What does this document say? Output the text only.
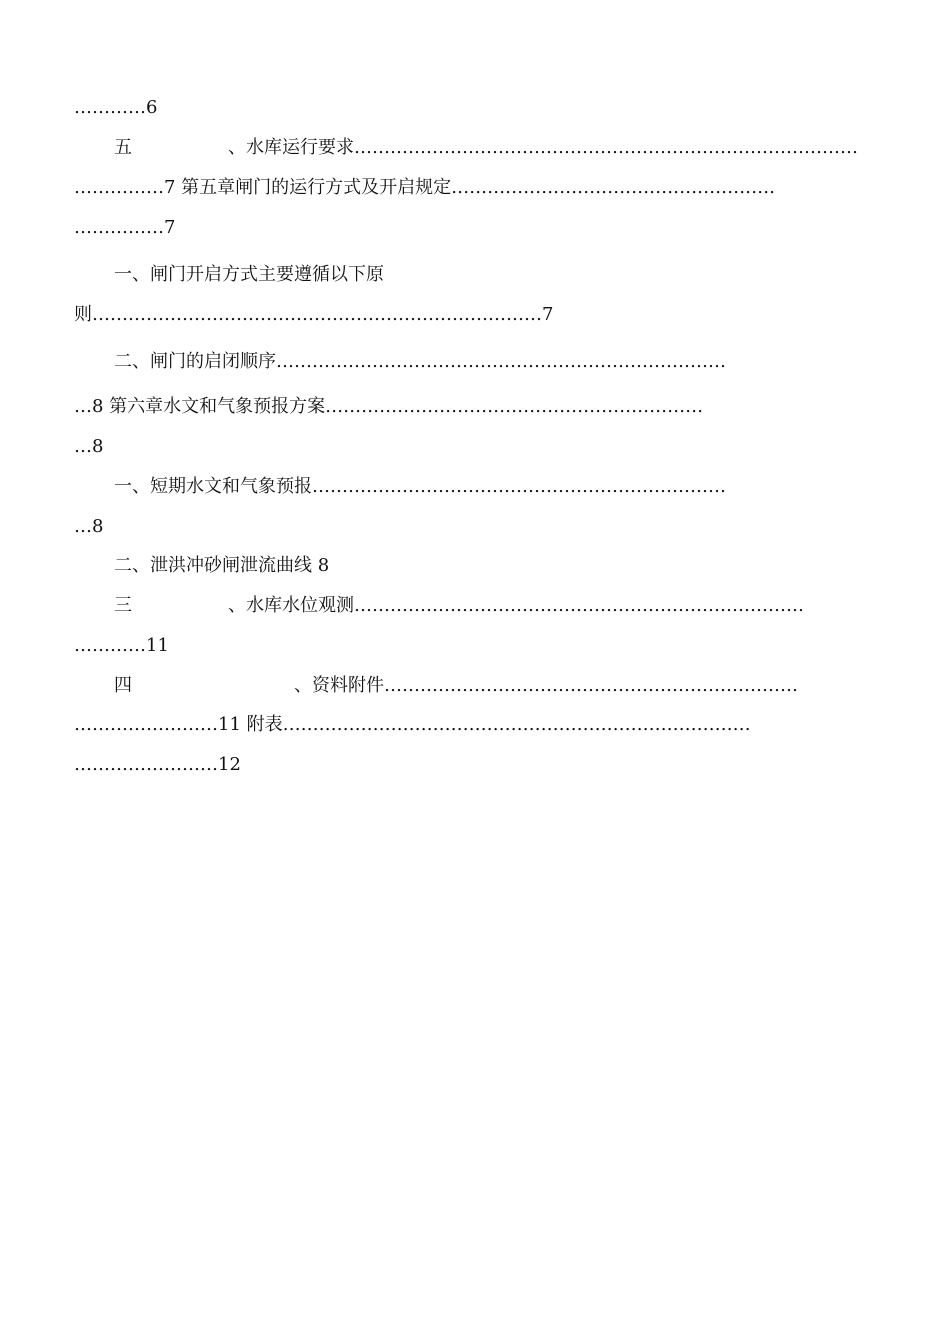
…………6
五	、水库运行要求…………………………………………………………………………
……………7 第五章闸门的运行方式及开启规定………………………………………………
……………7
一、闸门开启方式主要遵循以下原
则…………………………………………………………………7
二、闸门的启闭顺序…………………………………………………………………
…8 第六章水文和气象预报方案………………………………………………………
…8
一、短期水文和气象预报……………………………………………………………
…8
二、泄洪冲砂闸泄流曲线 8
三	、水库水位观测…………………………………………………………………
…………11
四	、资料附件……………………………………………………………
……………………11 附表……………………………………………………………………
……………………12
